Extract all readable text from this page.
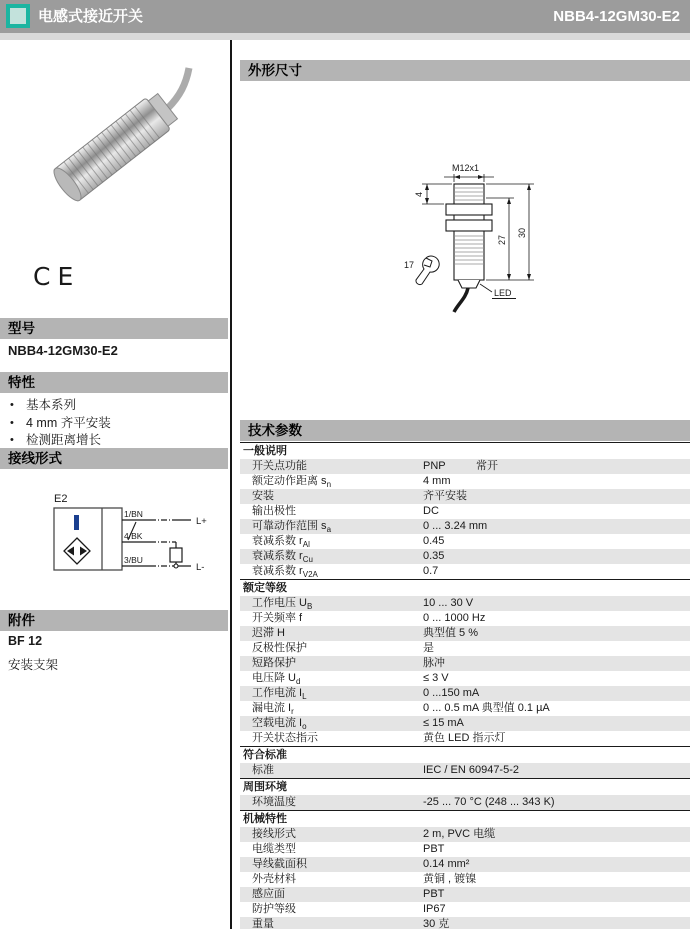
电感式接近开关	NBB4-12GM30-E2
CE
型号
NBB4-12GM30-E2
特性
• 基本系列
• 4 mm 齐平安装
• 检测距离增长
接线形式
E2
1/BN
4/BK
3/BU
L+
L-
附件
BF 12
安装支架
外形尺寸
M12x1
4
27
30
17
LED
技术参数
一般说明
开关点功能	PNP	常开
额定动作距离 $s_n$	4 mm
安装	齐平安装
输出极性	DC
可靠动作范围 $s_a$	0 ... 3.24 mm
衰减系数 $r_{Al}$	0.45
衰减系数 $r_{Cu}$	0.35
衰减系数 $r_{V2A}$	0.7
额定等级
工作电压 $U_B$	10 ... 30 V
开关频率 f	0 ... 1000 Hz
迟滞 H	典型值 5 %
反极性保护	是
短路保护	脉冲
电压降 $U_d$	≤ 3 V
工作电流 $I_L$	0 ...150 mA
漏电流 $I_r$	0 ... 0.5 mA 典型值 0.1 µA
空载电流 $I_o$	≤ 15 mA
开关状态指示	黄色 LED 指示灯
符合标准
标准	IEC / EN 60947-5-2
周围环境
环境温度	-25 ... 70 °C (248 ... 343 K)
机械特性
接线形式	2 m, PVC 电缆
电缆类型	PBT
导线截面积	0.14 mm²
外壳材料	黄铜 , 镀镍
感应面	PBT
防护等级	IP67
重量	30 克
